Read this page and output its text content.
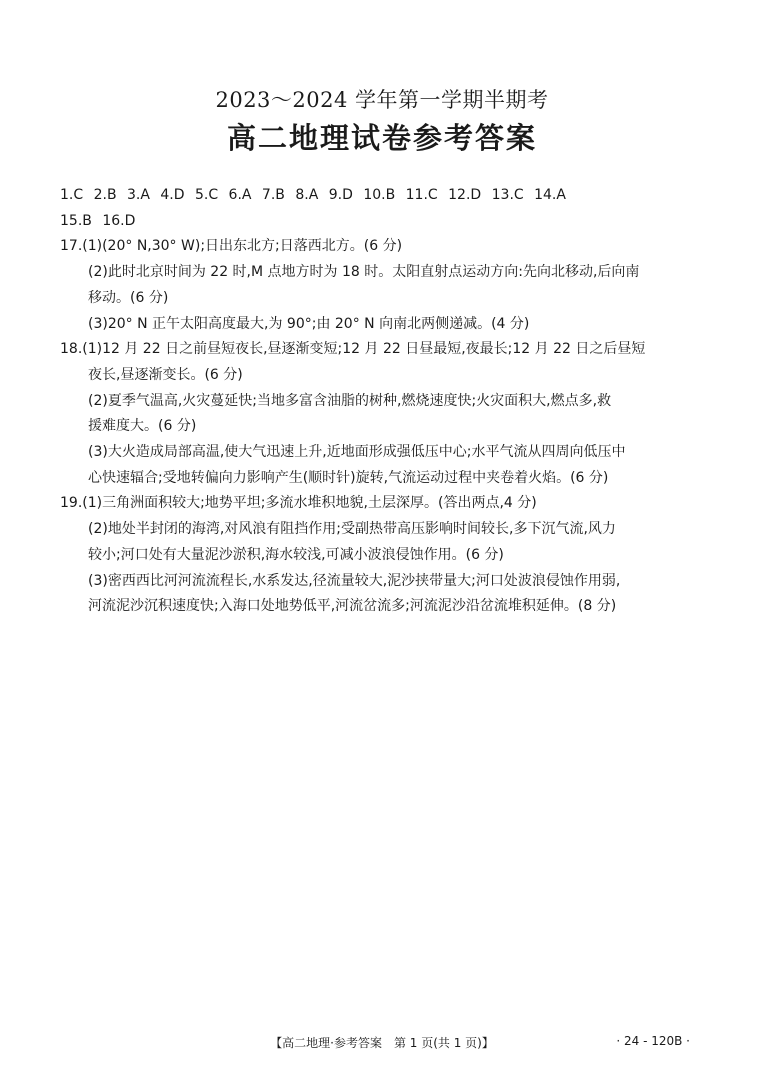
2023～2024 学年第一学期半期考
高二地理试卷参考答案
1.C 2.B 3.A 4.D 5.C 6.A 7.B 8.A 9.D 10.B 11.C 12.D 13.C 14.A
15.B 16.D
17.(1)(20° N,30° W);日出东北方;日落西北方。(6 分)
(2)此时北京时间为 22 时,M 点地方时为 18 时。太阳直射点运动方向:先向北移动,后向南
移动。(6 分)
(3)20° N 正午太阳高度最大,为 90°;由 20° N 向南北两侧递减。(4 分)
18.(1)12 月 22 日之前昼短夜长,昼逐渐变短;12 月 22 日昼最短,夜最长;12 月 22 日之后昼短
夜长,昼逐渐变长。(6 分)
(2)夏季气温高,火灾蔓延快;当地多富含油脂的树种,燃烧速度快;火灾面积大,燃点多,救
援难度大。(6 分)
(3)大火造成局部高温,使大气迅速上升,近地面形成强低压中心;水平气流从四周向低压中
心快速辐合;受地转偏向力影响产生(顺时针)旋转,气流运动过程中夹卷着火焰。(6 分)
19.(1)三角洲面积较大;地势平坦;多流水堆积地貌,土层深厚。(答出两点,4 分)
(2)地处半封闭的海湾,对风浪有阻挡作用;受副热带高压影响时间较长,多下沉气流,风力
较小;河口处有大量泥沙淤积,海水较浅,可减小波浪侵蚀作用。(6 分)
(3)密西西比河河流流程长,水系发达,径流量较大,泥沙挟带量大;河口处波浪侵蚀作用弱,
河流泥沙沉积速度快;入海口处地势低平,河流岔流多;河流泥沙沿岔流堆积延伸。(8 分)
【高二地理·参考答案　第 1 页(共 1 页)】	· 24 - 120B ·
